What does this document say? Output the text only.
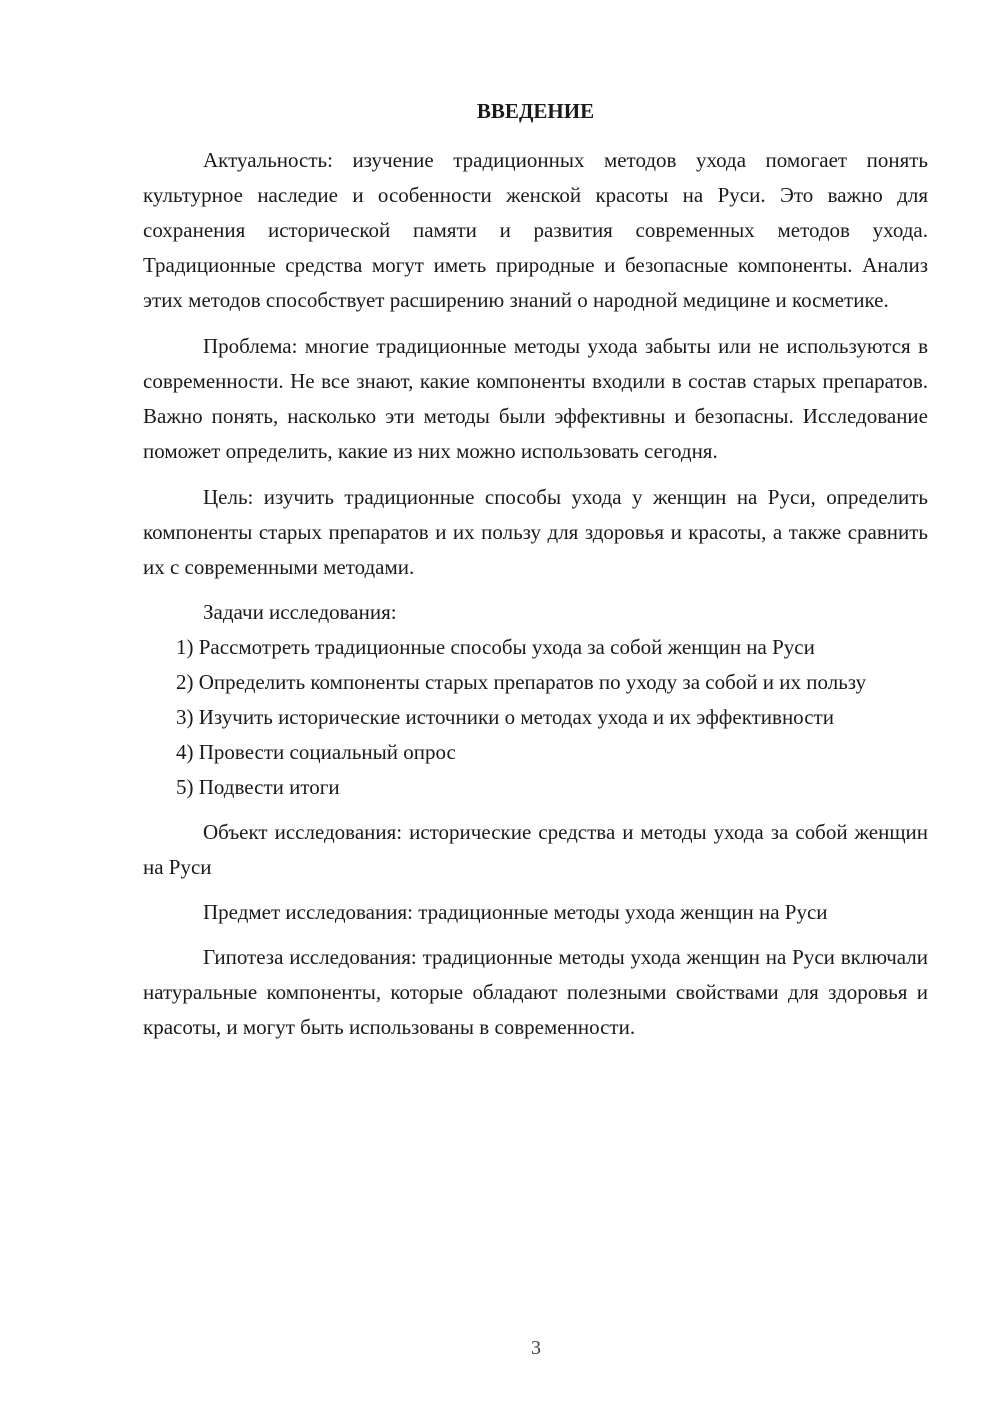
ВВЕДЕНИЕ

Актуальность: изучение традиционных методов ухода помогает понять культурное наследие и особенности женской красоты на Руси. Это важно для сохранения исторической памяти и развития современных методов ухода. Традиционные средства могут иметь природные и безопасные компоненты. Анализ этих методов способствует расширению знаний о народной медицине и косметике.

Проблема: многие традиционные методы ухода забыты или не используются в современности. Не все знают, какие компоненты входили в состав старых препаратов. Важно понять, насколько эти методы были эффективны и безопасны. Исследование поможет определить, какие из них можно использовать сегодня.

Цель: изучить традиционные способы ухода у женщин на Руси, определить компоненты старых препаратов и их пользу для здоровья и красоты, а также сравнить их с современными методами.

Задачи исследования:

1) Рассмотреть традиционные способы ухода за собой женщин на Руси

2) Определить компоненты старых препаратов по уходу за собой и их пользу

3) Изучить исторические источники о методах ухода и их эффективности

4) Провести социальный опрос

5) Подвести итоги

Объект исследования: исторические средства и методы ухода за собой женщин на Руси

Предмет исследования: традиционные методы ухода женщин на Руси

Гипотеза исследования: традиционные методы ухода женщин на Руси включали натуральные компоненты, которые обладают полезными свойствами для здоровья и красоты, и могут быть использованы в современности.

3
